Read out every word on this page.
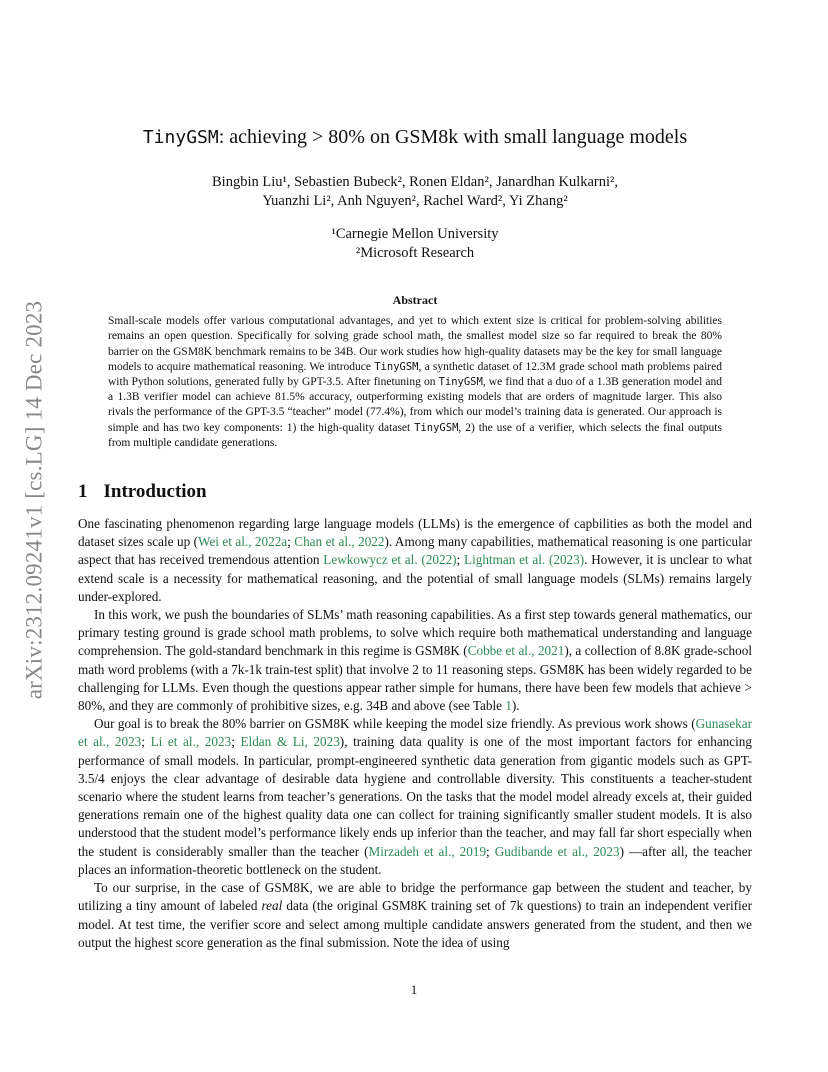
arXiv:2312.09241v1 [cs.LG] 14 Dec 2023
TinyGSM: achieving > 80% on GSM8k with small language models
Bingbin Liu¹, Sebastien Bubeck², Ronen Eldan², Janardhan Kulkarni²,
Yuanzhi Li², Anh Nguyen², Rachel Ward², Yi Zhang²
¹Carnegie Mellon University
²Microsoft Research
Abstract

Small-scale models offer various computational advantages, and yet to which extent size is critical for problem-solving abilities remains an open question. Specifically for solving grade school math, the smallest model size so far required to break the 80% barrier on the GSM8K benchmark remains to be 34B. Our work studies how high-quality datasets may be the key for small language models to acquire mathematical reasoning. We introduce TinyGSM, a synthetic dataset of 12.3M grade school math problems paired with Python solutions, generated fully by GPT-3.5. After finetuning on TinyGSM, we find that a duo of a 1.3B generation model and a 1.3B verifier model can achieve 81.5% accuracy, outperforming existing models that are orders of magnitude larger. This also rivals the performance of the GPT-3.5 “teacher” model (77.4%), from which our model’s training data is generated. Our approach is simple and has two key components: 1) the high-quality dataset TinyGSM, 2) the use of a verifier, which selects the final outputs from multiple candidate generations.

1 Introduction

One fascinating phenomenon regarding large language models (LLMs) is the emergence of capbilities as both the model and dataset sizes scale up (Wei et al., 2022a; Chan et al., 2022). Among many capabilities, mathematical reasoning is one particular aspect that has received tremendous attention Lewkowycz et al. (2022); Lightman et al. (2023). However, it is unclear to what extend scale is a necessity for mathematical reasoning, and the potential of small language models (SLMs) remains largely under-explored.

In this work, we push the boundaries of SLMs’ math reasoning capabilities. As a first step towards general mathematics, our primary testing ground is grade school math problems, to solve which require both mathematical understanding and language comprehension. The gold-standard benchmark in this regime is GSM8K (Cobbe et al., 2021), a collection of 8.8K grade-school math word problems (with a 7k-1k train-test split) that involve 2 to 11 reasoning steps. GSM8K has been widely regarded to be challenging for LLMs. Even though the questions appear rather simple for humans, there have been few models that achieve > 80%, and they are commonly of prohibitive sizes, e.g. 34B and above (see Table 1).

Our goal is to break the 80% barrier on GSM8K while keeping the model size friendly. As previous work shows (Gunasekar et al., 2023; Li et al., 2023; Eldan & Li, 2023), training data quality is one of the most important factors for enhancing performance of small models. In particular, prompt-engineered synthetic data generation from gigantic models such as GPT-3.5/4 enjoys the clear advantage of desirable data hygiene and controllable diversity. This constituents a teacher-student scenario where the student learns from teacher’s generations. On the tasks that the model model already excels at, their guided generations remain one of the highest quality data one can collect for training significantly smaller student models. It is also understood that the student model’s performance likely ends up inferior than the teacher, and may fall far short especially when the student is considerably smaller than the teacher (Mirzadeh et al., 2019; Gudibande et al., 2023) —after all, the teacher places an information-theoretic bottleneck on the student.

To our surprise, in the case of GSM8K, we are able to bridge the performance gap between the student and teacher, by utilizing a tiny amount of labeled real data (the original GSM8K training set of 7k questions) to train an independent verifier model. At test time, the verifier score and select among multiple candidate answers generated from the student, and then we output the highest score generation as the final submission. Note the idea of using

1
